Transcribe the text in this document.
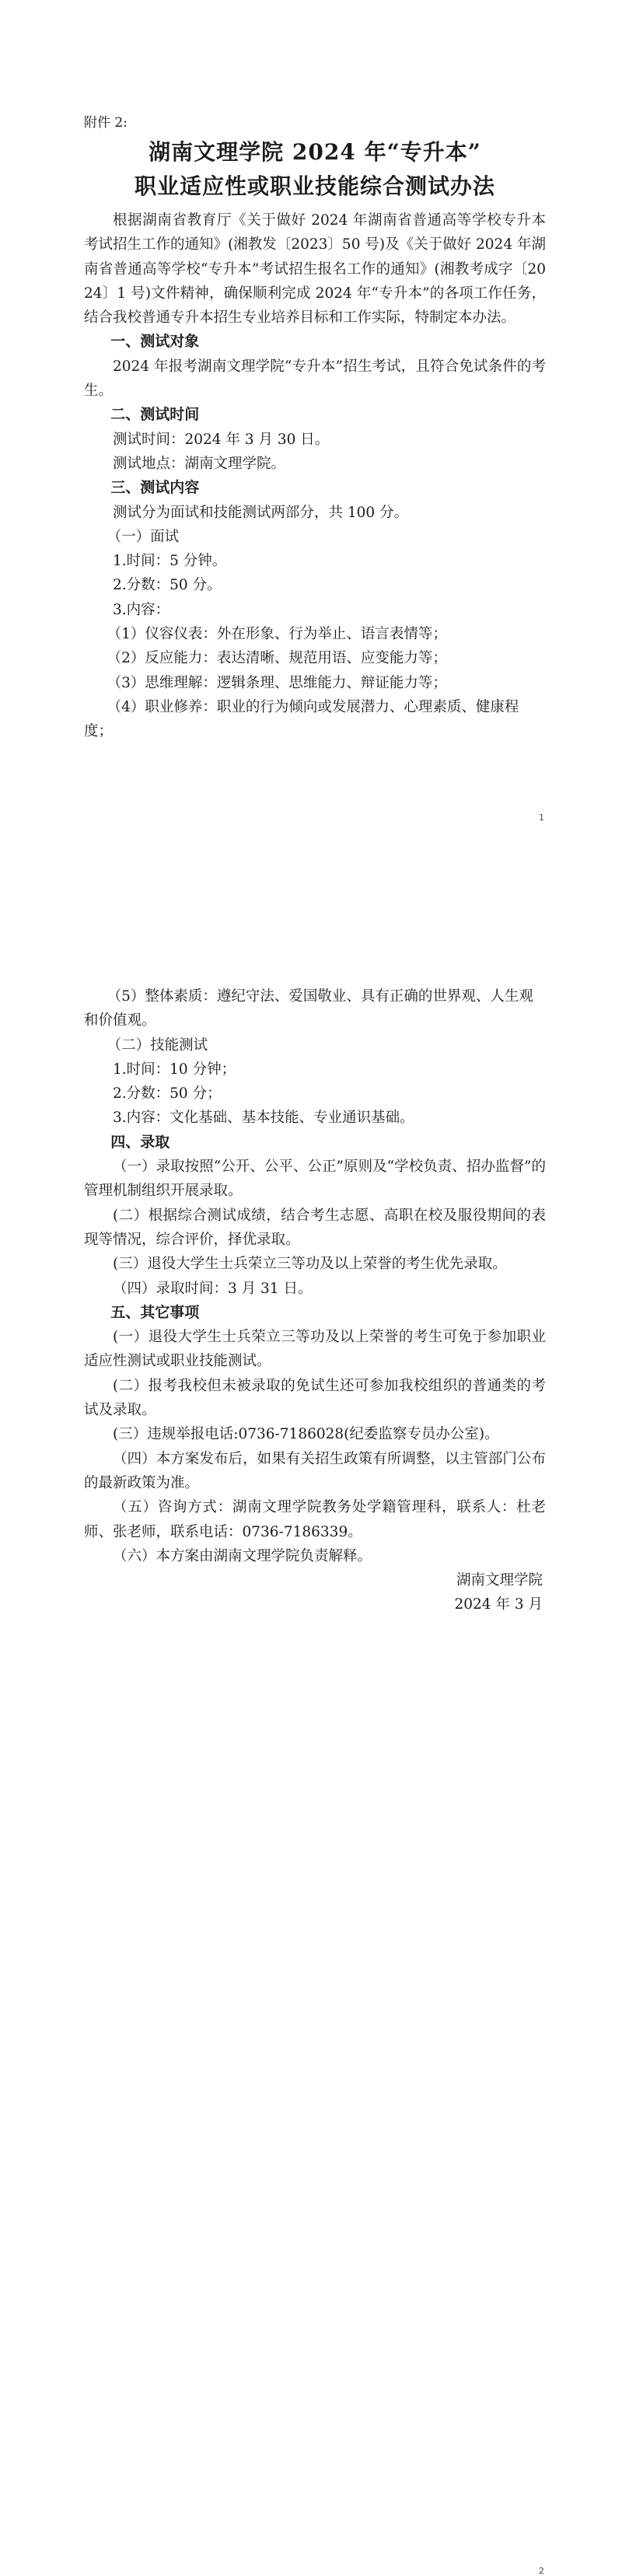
附件 2:
湖南文理学院 2024 年“专升本”
职业适应性或职业技能综合测试办法

根据湖南省教育厅《关于做好 2024 年湖南省普通高等学校专升本考试招生工作的通知》(湘教发〔2023〕50 号)及《关于做好 2024 年湖南省普通高等学校“专升本”考试招生报名工作的通知》(湘教考成字〔2024〕1 号)文件精神，确保顺利完成 2024 年“专升本”的各项工作任务，结合我校普通专升本招生专业培养目标和工作实际，特制定本办法。

一、测试对象

2024 年报考湖南文理学院“专升本”招生考试，且符合免试条件的考生。

二、测试时间

测试时间：2024 年 3 月 30 日。

测试地点：湖南文理学院。

三、测试内容

测试分为面试和技能测试两部分，共 100 分。

（一）面试

1.时间：5 分钟。

2.分数：50 分。

3.内容：

（1）仪容仪表：外在形象、行为举止、语言表情等；

（2）反应能力：表达清晰、规范用语、应变能力等；

（3）思维理解：逻辑条理、思维能力、辩证能力等；

（4）职业修养：职业的行为倾向或发展潜力、心理素质、健康程度；

1

（5）整体素质：遵纪守法、爱国敬业、具有正确的世界观、人生观和价值观。

（二）技能测试

1.时间：10 分钟；

2.分数：50 分；

3.内容：文化基础、基本技能、专业通识基础。

四、录取

（一）录取按照“公开、公平、公正”原则及“学校负责、招办监督”的管理机制组织开展录取。

(二）根据综合测试成绩，结合考生志愿、高职在校及服役期间的表现等情况，综合评价，择优录取。

(三）退役大学生士兵荣立三等功及以上荣誉的考生优先录取。

（四）录取时间：3 月 31 日。

五、其它事项

(一）退役大学生士兵荣立三等功及以上荣誉的考生可免于参加职业适应性测试或职业技能测试。

(二）报考我校但未被录取的免试生还可参加我校组织的普通类的考试及录取。

(三）违规举报电话:0736-7186028(纪委监察专员办公室)。

（四）本方案发布后，如果有关招生政策有所调整，以主管部门公布的最新政策为准。

（五）咨询方式：湖南文理学院教务处学籍管理科，联系人：杜老师、张老师，联系电话：0736-7186339。

（六）本方案由湖南文理学院负责解释。

湖南文理学院

2024 年 3 月

2
